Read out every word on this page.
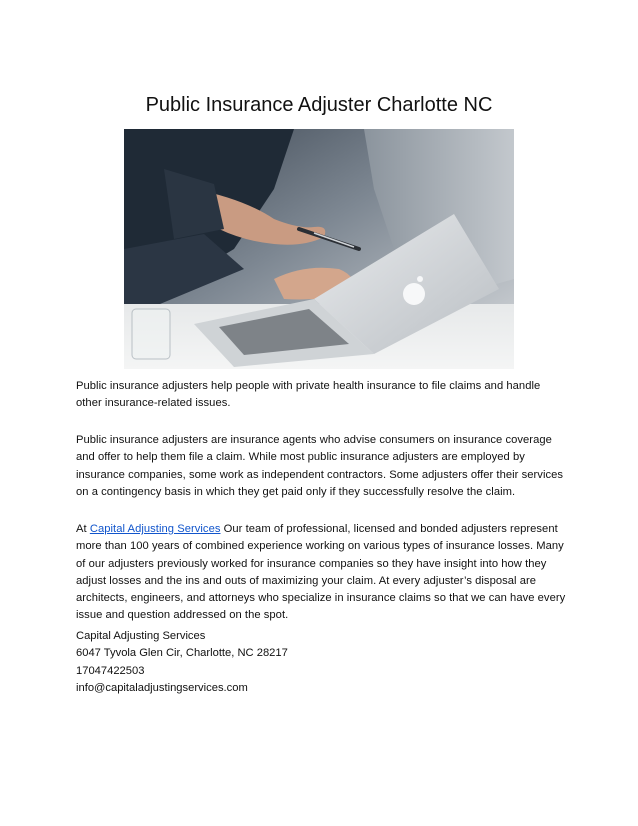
Public Insurance Adjuster Charlotte NC

Public insurance adjusters help people with private health insurance to file claims and handle other insurance-related issues.

Public insurance adjusters are insurance agents who advise consumers on insurance coverage and offer to help them file a claim. While most public insurance adjusters are employed by insurance companies, some work as independent contractors. Some adjusters offer their services on a contingency basis in which they get paid only if they successfully resolve the claim.

At Capital Adjusting Services Our team of professional, licensed and bonded adjusters represent more than 100 years of combined experience working on various types of insurance losses. Many of our adjusters previously worked for insurance companies so they have insight into how they adjust losses and the ins and outs of maximizing your claim. At every adjuster’s disposal are architects, engineers, and attorneys who specialize in insurance claims so that we can have every issue and question addressed on the spot.

Capital Adjusting Services
6047 Tyvola Glen Cir, Charlotte, NC 28217
17047422503
info@capitaladjustingservices.com
